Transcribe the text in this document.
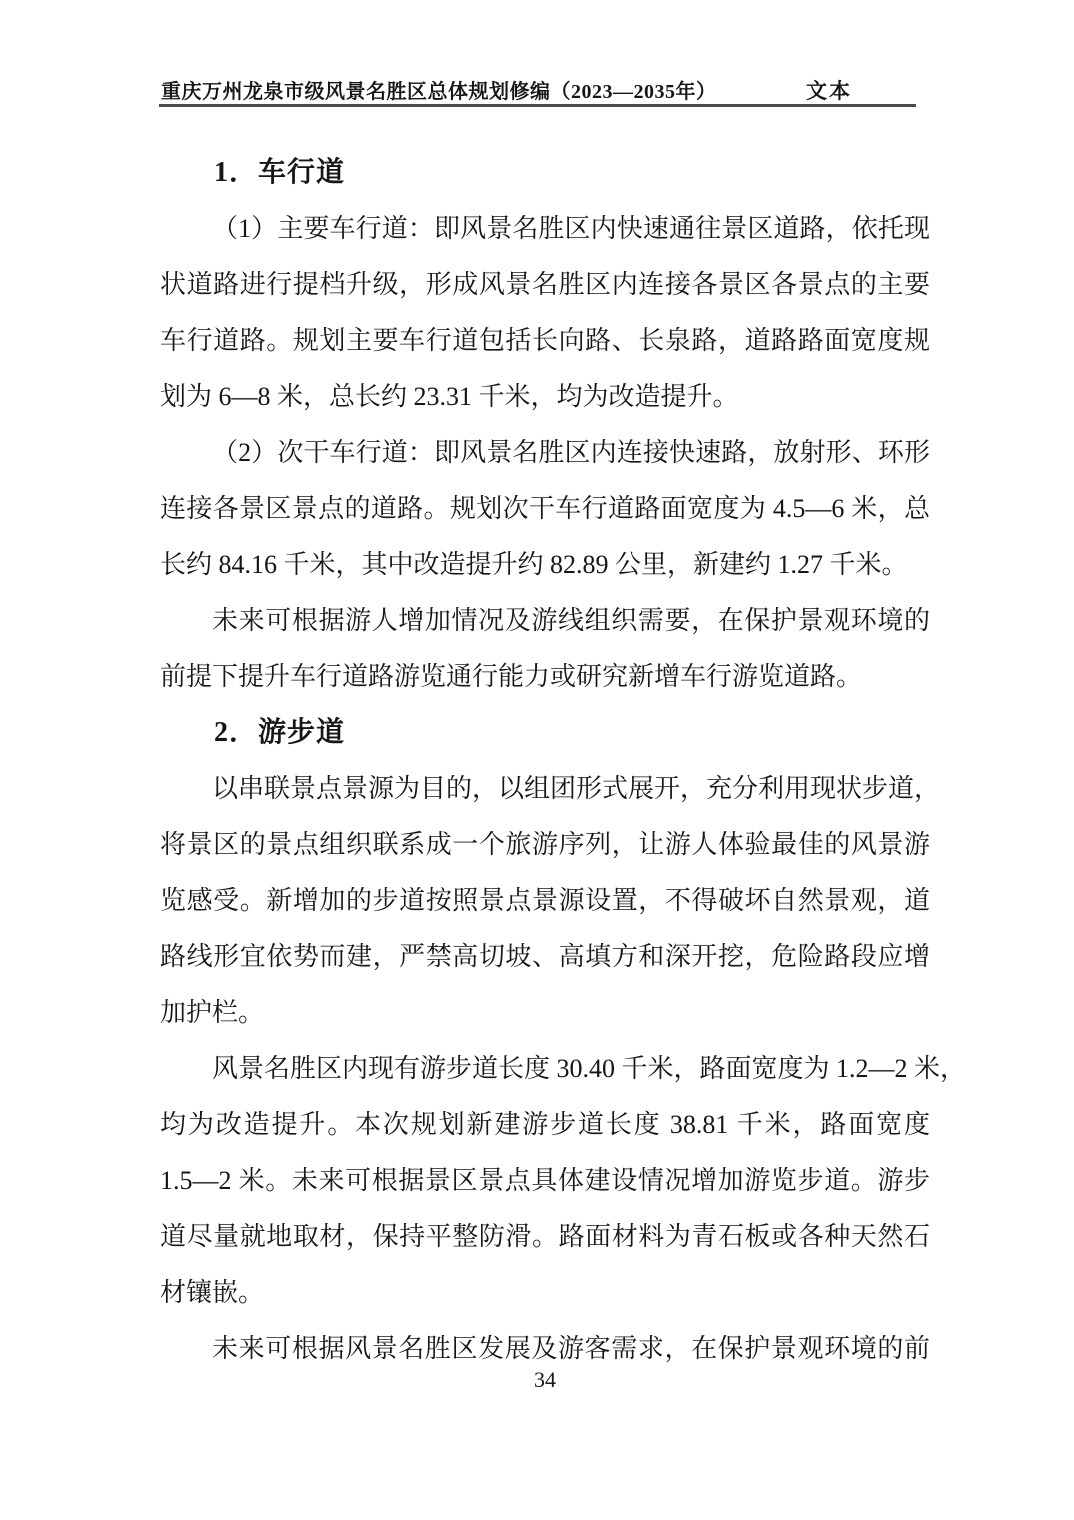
重庆万州龙泉市级风景名胜区总体规划修编（2023—2035年）	文本
1．车行道
（1）主要车行道：即风景名胜区内快速通往景区道路，依托现
状道路进行提档升级，形成风景名胜区内连接各景区各景点的主要
车行道路。规划主要车行道包括长向路、长泉路，道路路面宽度规
划为 6—8 米，总长约 23.31 千米，均为改造提升。
（2）次干车行道：即风景名胜区内连接快速路，放射形、环形
连接各景区景点的道路。规划次干车行道路面宽度为 4.5—6 米，总
长约 84.16 千米，其中改造提升约 82.89 公里，新建约 1.27 千米。
未来可根据游人增加情况及游线组织需要，在保护景观环境的
前提下提升车行道路游览通行能力或研究新增车行游览道路。
2．游步道
以串联景点景源为目的，以组团形式展开，充分利用现状步道，
将景区的景点组织联系成一个旅游序列，让游人体验最佳的风景游
览感受。新增加的步道按照景点景源设置，不得破坏自然景观，道
路线形宜依势而建，严禁高切坡、高填方和深开挖，危险路段应增
加护栏。
风景名胜区内现有游步道长度 30.40 千米，路面宽度为 1.2—2 米，
均为改造提升。本次规划新建游步道长度 38.81 千米，路面宽度
1.5—2 米。未来可根据景区景点具体建设情况增加游览步道。游步
道尽量就地取材，保持平整防滑。路面材料为青石板或各种天然石
材镶嵌。
未来可根据风景名胜区发展及游客需求，在保护景观环境的前
34
